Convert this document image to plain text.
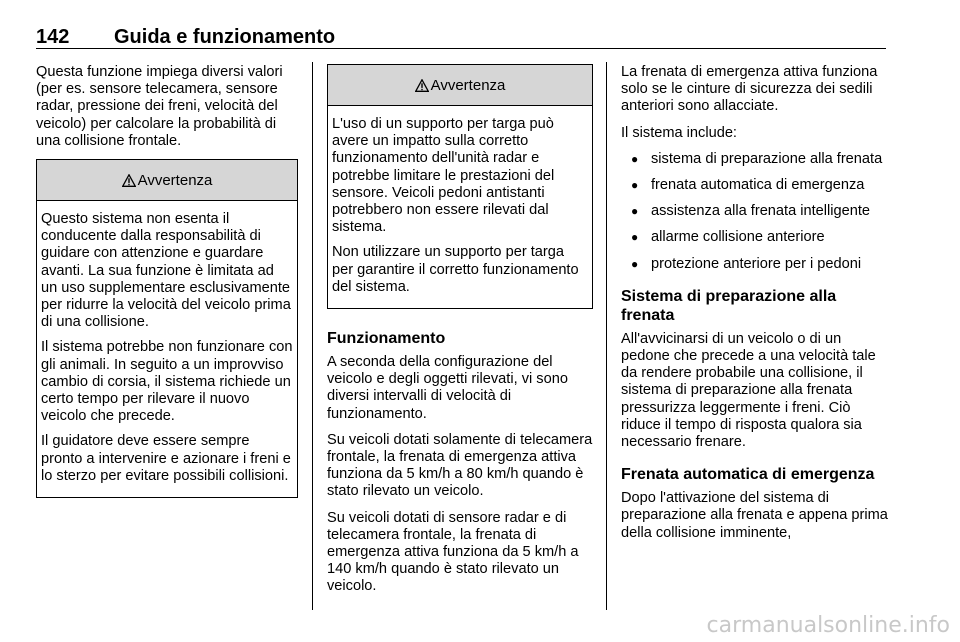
142 Guida e funzionamento

Questa funzione impiega diversi valori (per es. sensore telecamera, sensore radar, pressione dei freni, velocità del veicolo) per calcolare la probabilità di una collisione frontale.

Avvertenza

Questo sistema non esenta il conducente dalla responsabilità di guidare con attenzione e guardare avanti. La sua funzione è limitata ad un uso supplementare esclusivamente per ridurre la velocità del veicolo prima di una collisione.

Il sistema potrebbe non funzionare con gli animali. In seguito a un improvviso cambio di corsia, il sistema richiede un certo tempo per rilevare il nuovo veicolo che precede.

Il guidatore deve essere sempre pronto a intervenire e azionare i freni e lo sterzo per evitare possibili collisioni.

Avvertenza

L'uso di un supporto per targa può avere un impatto sulla corretto funzionamento dell'unità radar e potrebbe limitare le prestazioni del sensore. Veicoli pedoni antistanti potrebbero non essere rilevati dal sistema.

Non utilizzare un supporto per targa per garantire il corretto funzionamento del sistema.

Funzionamento

A seconda della configurazione del veicolo e degli oggetti rilevati, vi sono diversi intervalli di velocità di funzionamento.

Su veicoli dotati solamente di telecamera frontale, la frenata di emergenza attiva funziona da 5 km/h a 80 km/h quando è stato rilevato un veicolo.

Su veicoli dotati di sensore radar e di telecamera frontale, la frenata di emergenza attiva funziona da 5 km/h a 140 km/h quando è stato rilevato un veicolo.

La frenata di emergenza attiva funziona solo se le cinture di sicurezza dei sedili anteriori sono allacciate.

Il sistema include:

● sistema di preparazione alla frenata
● frenata automatica di emergenza
● assistenza alla frenata intelligente
● allarme collisione anteriore
● protezione anteriore per i pedoni
Sistema di preparazione alla frenata

All'avvicinarsi di un veicolo o di un pedone che precede a una velocità tale da rendere probabile una collisione, il sistema di preparazione alla frenata pressurizza leggermente i freni. Ciò riduce il tempo di risposta qualora sia necessario frenare.

Frenata automatica di emergenza

Dopo l'attivazione del sistema di preparazione alla frenata e appena prima della collisione imminente,

carmanualsonline.info
